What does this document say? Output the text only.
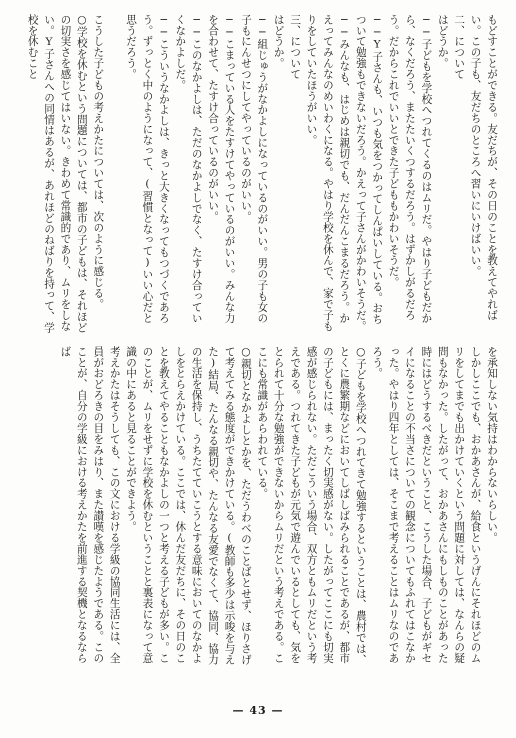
もどすことができる。友だちが、その日のことを教えてやればい。この子も、友だちのところへ習いにいけばいい。
二、について
はどうか。
──子どもを学校へつれてくるのはムリだ。やはり子どもだから、なくだろう、またたいくつするだろう。はずかしがるだろう。だからこれでいいとできた子どももかわいそうだ。
──Y子さんも、いつも気をつかってしんぱいしている。おちついて勉強もできないだろう。かえって子さんがかわいそうだ。
──みんなも、はじめは親切でも、だんだんこまるだろう。かえってみんなのめいわくになる。やはり学校を休んで、家で子もりをしていたほうがいい。
三、について
はどうか。
──組じゅうがなかよしになっているのがいい。男の子も女の子もにんせつにしてやっているのがいい。
──こまっている人をたすけてやっているのがいい。みんな力を合わせて、たすけ合っているのがいい。
──このなかよしは、ただのなかよしでなく、たすけ合っていくなかよしだ。
──こういうなかよしは、きっと大きくなってもつづくであろう。ずっとく中のようになって、(習慣となって)いい心だと思うだろう。

こうした子どもの考えかたについては、次のように感じる。
○学校を休むという問題については、都市の子どもは、それほどの切実さを感じてはいない。きわめて常識的であり、ムリをしない。Y子さんへの同情はあるが、あれほどのねばりを持って、学校を休むこと
を承知しない気持はわからないらしい。
しかしここでも、おかあさんが、給食というげんにそれほどのムリをしてまでも出かけていくという問題に対しては、なんらの疑問もなかった。したがって、おかあさんにもしものことがあった時にはどうするべきだということ、こうした場合、子どもがギセイになることの不当さについての観念についてもふれてはこなかった。やはり四年としては、そこまで考えることはムリなのであろう。
○子どもを学校へつれてきて勉強するということは、農村では、とくに農繁期などにおいてしばしばみられることであるが、都市の子どもには、まったく切実感がない。したがってここにも切実感が感じられない。ただこういう場合、双方ともムリだという考えである。つれてきた子どもが元気で遊んでいるとしても、気をとられて十分な勉強ができないからムリだという考えである。ここにも常識があらわれている。
○親切となかよしとかを、ただうわべのことばとせず、ほりさげて考えてみる態度ができかけている。(教師も多少は示唆を与えた)結局、たんなる親切や、たんなる友愛でなくて、協同、協力の生活を保持し、うちたてていこうとする意味においてのなかよしをとらえかけている。ここでは、休んだ友だちに、その日のことを教えてやることもなかよしの一つと考える子どもが多い。このことが、ムリをせずに学校を休むということと裏表になって意識の中にあると見ることができよう。
考えかたはそうしても、この文における学級の協同生活には、全員がおどろきの目をみはり、また讃嘆を感じたようである。このことが、自分の学級における考えかたを前進する契機となるならば
— 43 —
